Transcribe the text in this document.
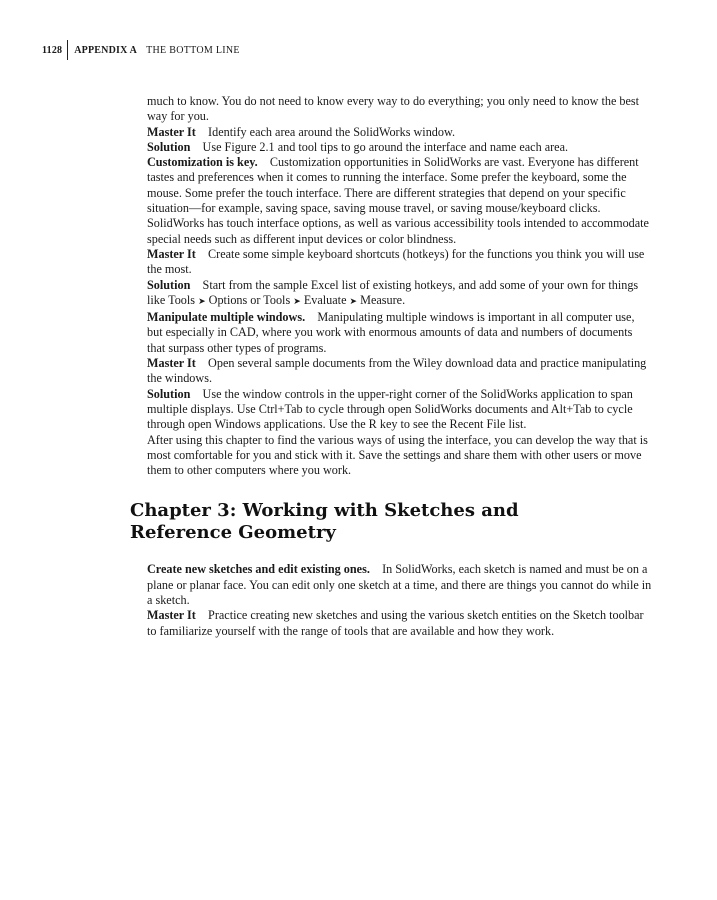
1128 APPENDIX A THE BOTTOM LINE

much to know. You do not need to know every way to do everything; you only need to know the best way for you.

Master It Identify each area around the SolidWorks window.

Solution Use Figure 2.1 and tool tips to go around the interface and name each area.

Customization is key. Customization opportunities in SolidWorks are vast. Everyone has different tastes and preferences when it comes to running the interface. Some prefer the keyboard, some the mouse. Some prefer the touch interface. There are different strategies that depend on your specific situation—for example, saving space, saving mouse travel, or saving mouse/keyboard clicks. SolidWorks has touch interface options, as well as various accessibility tools intended to accommodate special needs such as different input devices or color blindness.

Master It Create some simple keyboard shortcuts (hotkeys) for the functions you think you will use the most.

Solution Start from the sample Excel list of existing hotkeys, and add some of your own for things like Tools ➤ Options or Tools ➤ Evaluate ➤ Measure.

Manipulate multiple windows. Manipulating multiple windows is important in all computer use, but especially in CAD, where you work with enormous amounts of data and numbers of documents that surpass other types of programs.

Master It Open several sample documents from the Wiley download data and practice manipulating the windows.

Solution Use the window controls in the upper-right corner of the SolidWorks application to span multiple displays. Use Ctrl+Tab to cycle through open SolidWorks documents and Alt+Tab to cycle through open Windows applications. Use the R key to see the Recent File list.

After using this chapter to find the various ways of using the interface, you can develop the way that is most comfortable for you and stick with it. Save the settings and share them with other users or move them to other computers where you work.

Chapter 3: Working with Sketches and Reference Geometry

Create new sketches and edit existing ones. In SolidWorks, each sketch is named and must be on a plane or planar face. You can edit only one sketch at a time, and there are things you cannot do while in a sketch.

Master It Practice creating new sketches and using the various sketch entities on the Sketch toolbar to familiarize yourself with the range of tools that are available and how they work.
